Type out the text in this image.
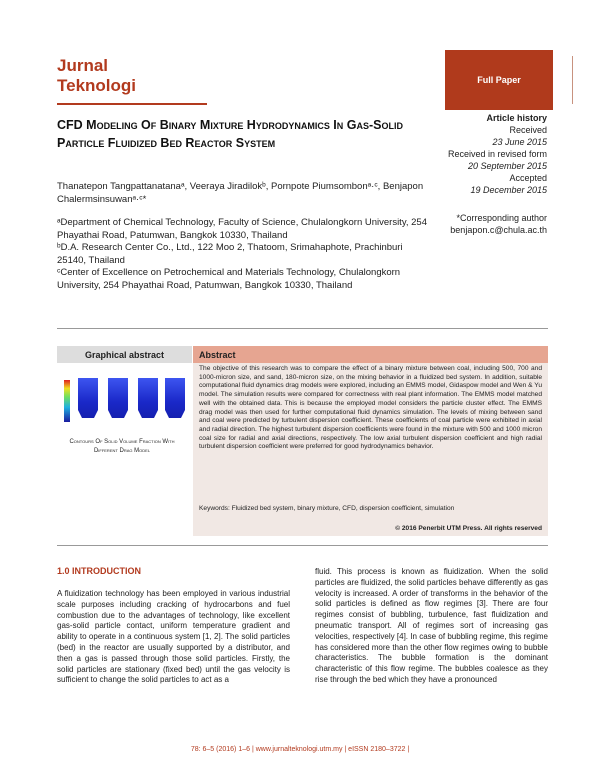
Jurnal
Teknologi	Full Paper
CFD Modeling Of Binary Mixture Hydrodynamics In Gas-Solid Particle Fluidized Bed Reactor System
Thanatepon Tangpattanatanaᵃ, Veeraya Jiradilokᵇ, Pornpote Piumsombonᵃ·ᶜ, Benjapon Chalermsinsuwanᵃ·ᶜ*

ᵃDepartment of Chemical Technology, Faculty of Science, Chulalongkorn University, 254 Phayathai Road, Patumwan, Bangkok 10330, Thailand

ᵇD.A. Research Center Co., Ltd., 122 Moo 2, Thatoom, Srimahaphote, Prachinburi 25140, Thailand

ᶜCenter of Excellence on Petrochemical and Materials Technology, Chulalongkorn University, 254 Phayathai Road, Patumwan, Bangkok 10330, Thailand

Article history
Received
23 June 2015
Received in revised form
20 September 2015
Accepted
19 December 2015
*Corresponding author
benjapon.c@chula.ac.th
Graphical abstract
Contours Of Solid Volume Fraction With Different Drag Model
Abstract
The objective of this research was to compare the effect of a binary mixture between coal, including 500, 700 and 1000-micron size, and sand, 180-micron size, on the mixing behavior in a fluidized bed system. In addition, suitable computational fluid dynamics drag models were explored, including an EMMS model, Gidaspow model and Wen & Yu model. The simulation results were compared for correctness with real plant information. The EMMS model matched well with the obtained data. This is because the employed model considers the particle cluster effect. The EMMS drag model was then used for further computational fluid dynamics simulation. The levels of mixing between sand and coal were predicted by turbulent dispersion coefficient. These coefficients of coal particle were exhibited in axial and radial direction. The highest turbulent dispersion coefficients were found in the mixture with 500 and 1000 micron coal size for radial and axial directions, respectively. The low axial turbulent dispersion coefficient and high radial turbulent dispersion coefficient were preferred for good hydrodynamics behavior.
Keywords: Fluidized bed system, binary mixture, CFD, dispersion coefficient, simulation
© 2016 Penerbit UTM Press. All rights reserved
1.0 INTRODUCTION
A fluidization technology has been employed in various industrial scale purposes including cracking of hydrocarbons and fuel combustion due to the advantages of technology, like excellent gas-solid particle contact, uniform temperature gradient and ability to operate in a continuous system [1, 2]. The solid particles (bed) in the reactor are usually supported by a distributor, and then a gas is passed through those solid particles. Firstly, the solid particles are stationary (fixed bed) until the gas velocity is sufficient to change the solid particles to act as a
fluid. This process is known as fluidization. When the solid particles are fluidized, the solid particles behave differently as gas velocity is increased. A order of transforms in the behavior of the solid particles is defined as flow regimes [3]. There are four regimes consist of bubbling, turbulence, fast fluidization and pneumatic transport. All of regimes sort of increasing gas velocities, respectively [4]. In case of bubbling regime, this regime has considered more than the other flow regimes owing to bubble characteristics. The bubble formation is the dominant characteristic of this flow regime. The bubbles coalesce as they rise through the bed which they have a pronounced
78: 6–5 (2016) 1–6 | www.jurnalteknologi.utm.my | eISSN 2180–3722 |
